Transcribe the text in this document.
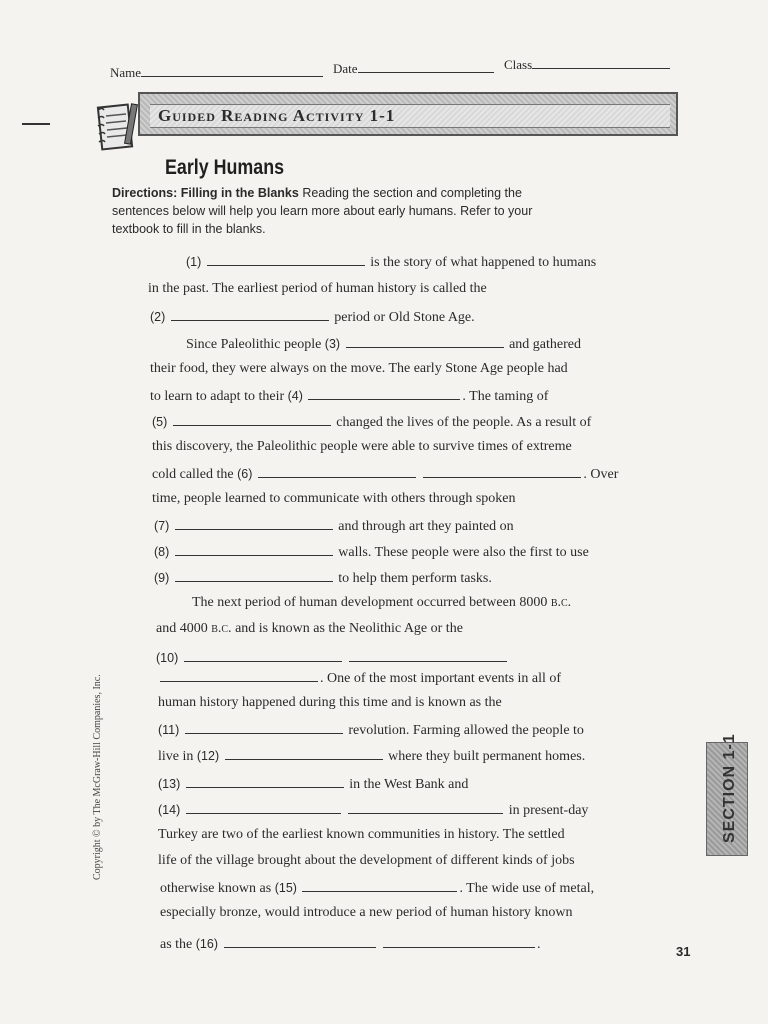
Name	Date	Class
Guided Reading Activity 1-1
Early Humans
Directions: Filling in the Blanks Reading the section and completing the sentences below will help you learn more about early humans. Refer to your textbook to fill in the blanks.
(1)	is the story of what happened to humans
in the past. The earliest period of human history is called the
(2)	period or Old Stone Age.
Since Paleolithic people (3)	and gathered
their food, they were always on the move. The early Stone Age people had
to learn to adapt to their (4)	. The taming of
(5)	changed the lives of the people. As a result of
this discovery, the Paleolithic people were able to survive times of extreme
cold called the (6)	. Over
time, people learned to communicate with others through spoken
(7)	and through art they painted on
(8)	walls. These people were also the first to use
(9)	to help them perform tasks.
The next period of human development occurred between 8000 b.c.
and 4000 b.c. and is known as the Neolithic Age or the
(10)
. One of the most important events in all of
human history happened during this time and is known as the
(11)	revolution. Farming allowed the people to
live in (12)	where they built permanent homes.
(13)	in the West Bank and
(14)	in present-day
Turkey are two of the earliest known communities in history. The settled
life of the village brought about the development of different kinds of jobs
otherwise known as (15)	. The wide use of metal,
especially bronze, would introduce a new period of human history known
as the (16)	.
Copyright © by The McGraw-Hill Companies, Inc.	SECTION 1-1
31
